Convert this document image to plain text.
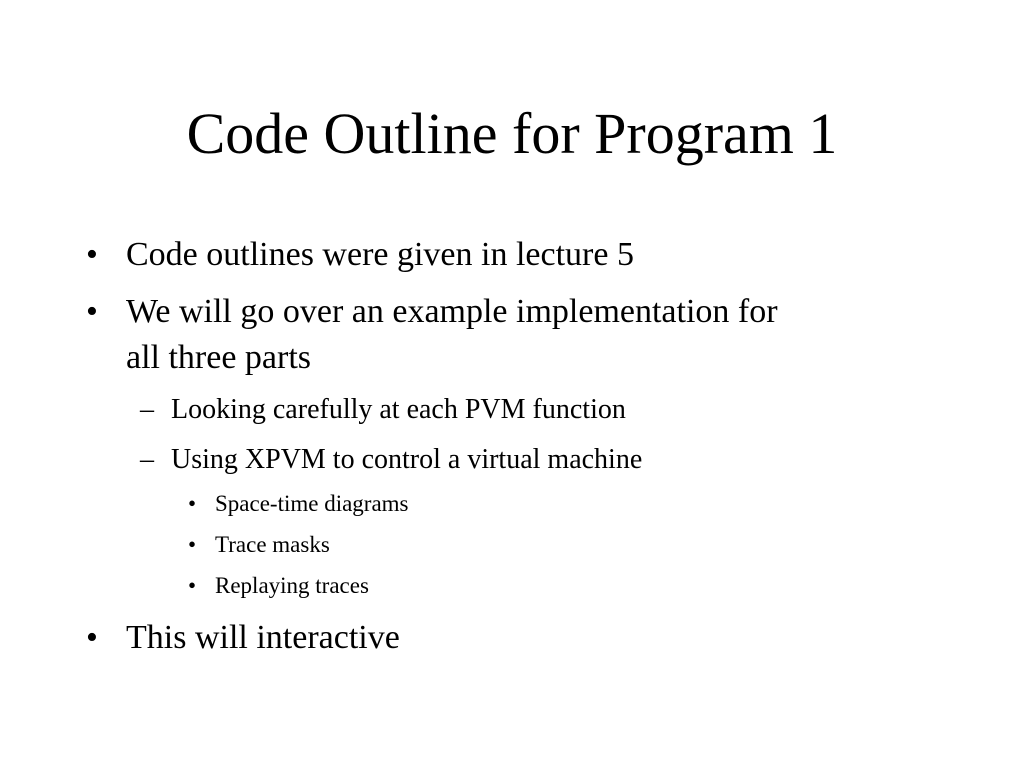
Code Outline for Program 1
• Code outlines were given in lecture 5
• We will go over an example implementation for
all three parts
– Looking carefully at each PVM function
– Using XPVM to control a virtual machine
• Space-time diagrams
• Trace masks
• Replaying traces
• This will interactive
